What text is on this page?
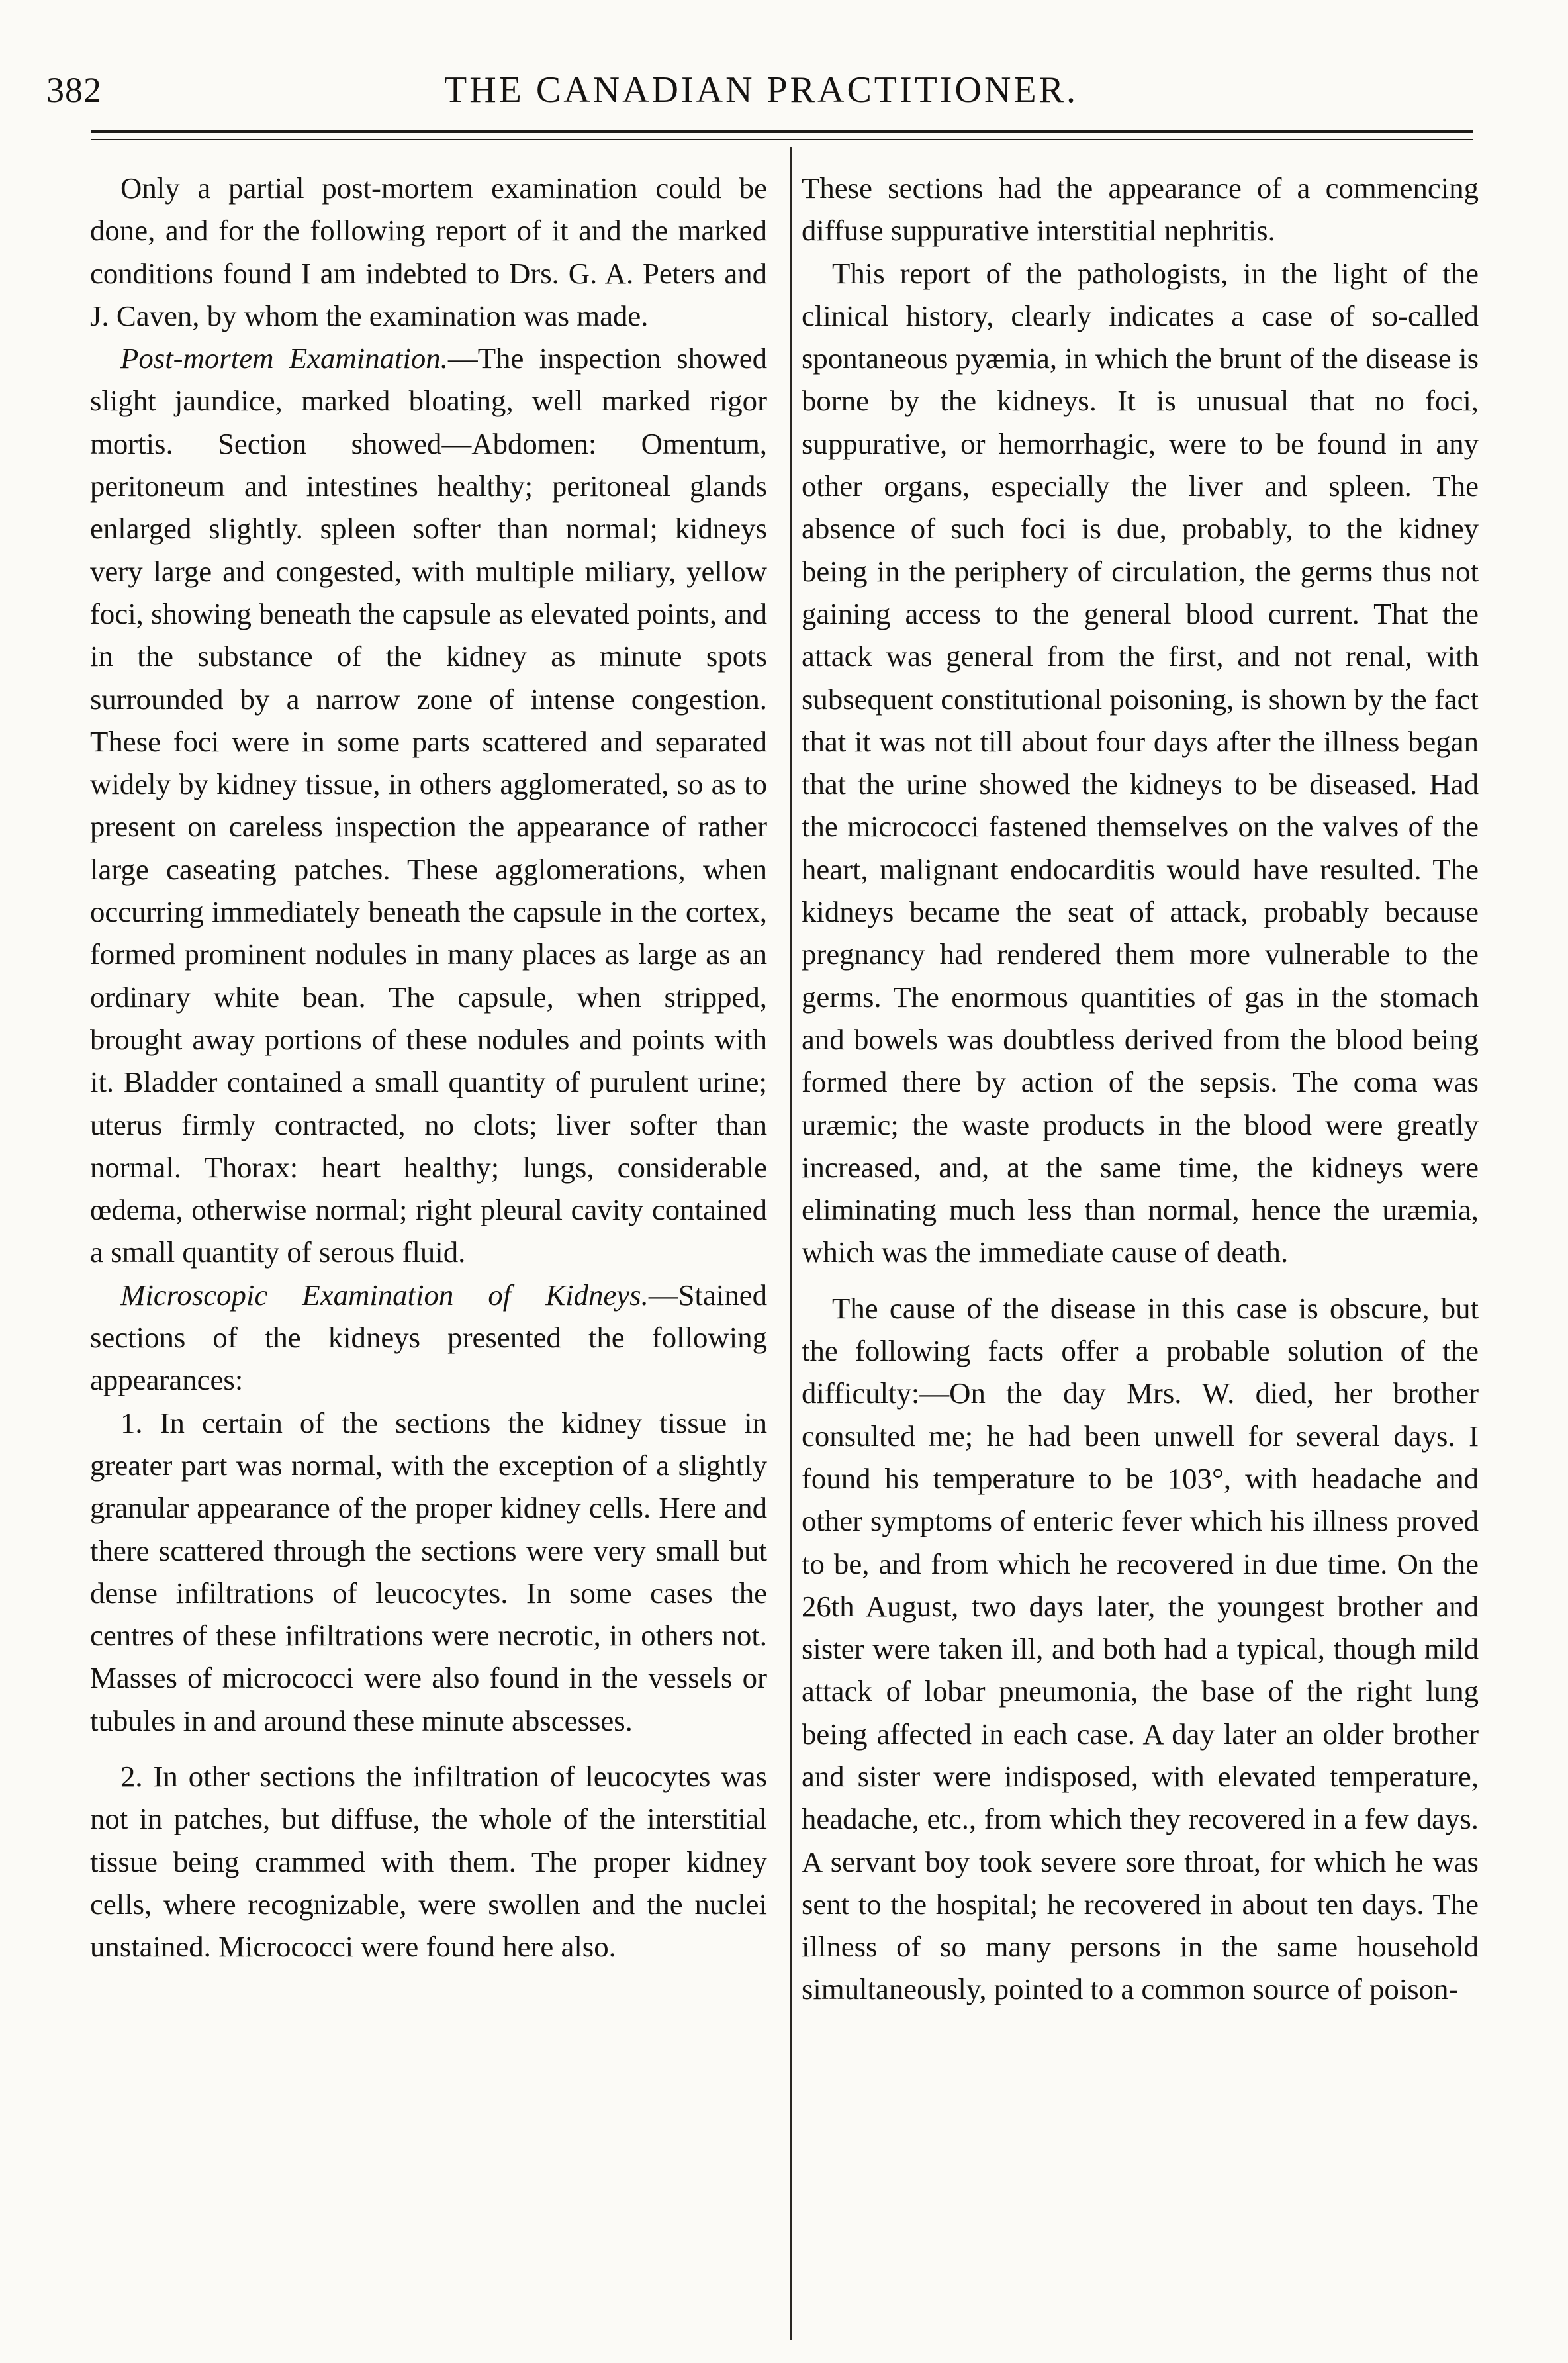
382	THE CANADIAN PRACTITIONER.

Only a partial post-mortem examination could be done, and for the following report of it and the marked conditions found I am indebted to Drs. G. A. Peters and J. Caven, by whom the examination was made.

Post-mortem Examination.—The inspection showed slight jaundice, marked bloating, well marked rigor mortis. Section showed—Abdomen: Omentum, peritoneum and intestines healthy; peritoneal glands enlarged slightly. spleen softer than normal; kidneys very large and congested, with multiple miliary, yellow foci, showing beneath the capsule as elevated points, and in the substance of the kidney as minute spots surrounded by a narrow zone of intense congestion. These foci were in some parts scattered and separated widely by kidney tissue, in others agglomerated, so as to present on careless inspection the appearance of rather large caseating patches. These agglomerations, when occurring immediately beneath the capsule in the cortex, formed prominent nodules in many places as large as an ordinary white bean. The capsule, when stripped, brought away portions of these nodules and points with it. Bladder contained a small quantity of purulent urine; uterus firmly contracted, no clots; liver softer than normal. Thorax: heart healthy; lungs, considerable œdema, otherwise normal; right pleural cavity contained a small quantity of serous fluid.

Microscopic Examination of Kidneys.—Stained sections of the kidneys presented the following appearances:

1. In certain of the sections the kidney tissue in greater part was normal, with the exception of a slightly granular appearance of the proper kidney cells. Here and there scattered through the sections were very small but dense infiltrations of leucocytes. In some cases the centres of these infiltrations were necrotic, in others not. Masses of micrococci were also found in the vessels or tubules in and around these minute abscesses.

2. In other sections the infiltration of leucocytes was not in patches, but diffuse, the whole of the interstitial tissue being crammed with them. The proper kidney cells, where recognizable, were swollen and the nuclei unstained. Micrococci were found here also.

These sections had the appearance of a commencing diffuse suppurative interstitial nephritis.

This report of the pathologists, in the light of the clinical history, clearly indicates a case of so-called spontaneous pyæmia, in which the brunt of the disease is borne by the kidneys. It is unusual that no foci, suppurative, or hemorrhagic, were to be found in any other organs, especially the liver and spleen. The absence of such foci is due, probably, to the kidney being in the periphery of circulation, the germs thus not gaining access to the general blood current. That the attack was general from the first, and not renal, with subsequent constitutional poisoning, is shown by the fact that it was not till about four days after the illness began that the urine showed the kidneys to be diseased. Had the micrococci fastened themselves on the valves of the heart, malignant endocarditis would have resulted. The kidneys became the seat of attack, probably because pregnancy had rendered them more vulnerable to the germs. The enormous quantities of gas in the stomach and bowels was doubtless derived from the blood being formed there by action of the sepsis. The coma was uræmic; the waste products in the blood were greatly increased, and, at the same time, the kidneys were eliminating much less than normal, hence the uræmia, which was the immediate cause of death.

The cause of the disease in this case is obscure, but the following facts offer a probable solution of the difficulty:—On the day Mrs. W. died, her brother consulted me; he had been unwell for several days. I found his temperature to be 103°, with headache and other symptoms of enteric fever which his illness proved to be, and from which he recovered in due time. On the 26th August, two days later, the youngest brother and sister were taken ill, and both had a typical, though mild attack of lobar pneumonia, the base of the right lung being affected in each case. A day later an older brother and sister were indisposed, with elevated temperature, headache, etc., from which they recovered in a few days. A servant boy took severe sore throat, for which he was sent to the hospital; he recovered in about ten days. The illness of so many persons in the same household simultaneously, pointed to a common source of poison-
